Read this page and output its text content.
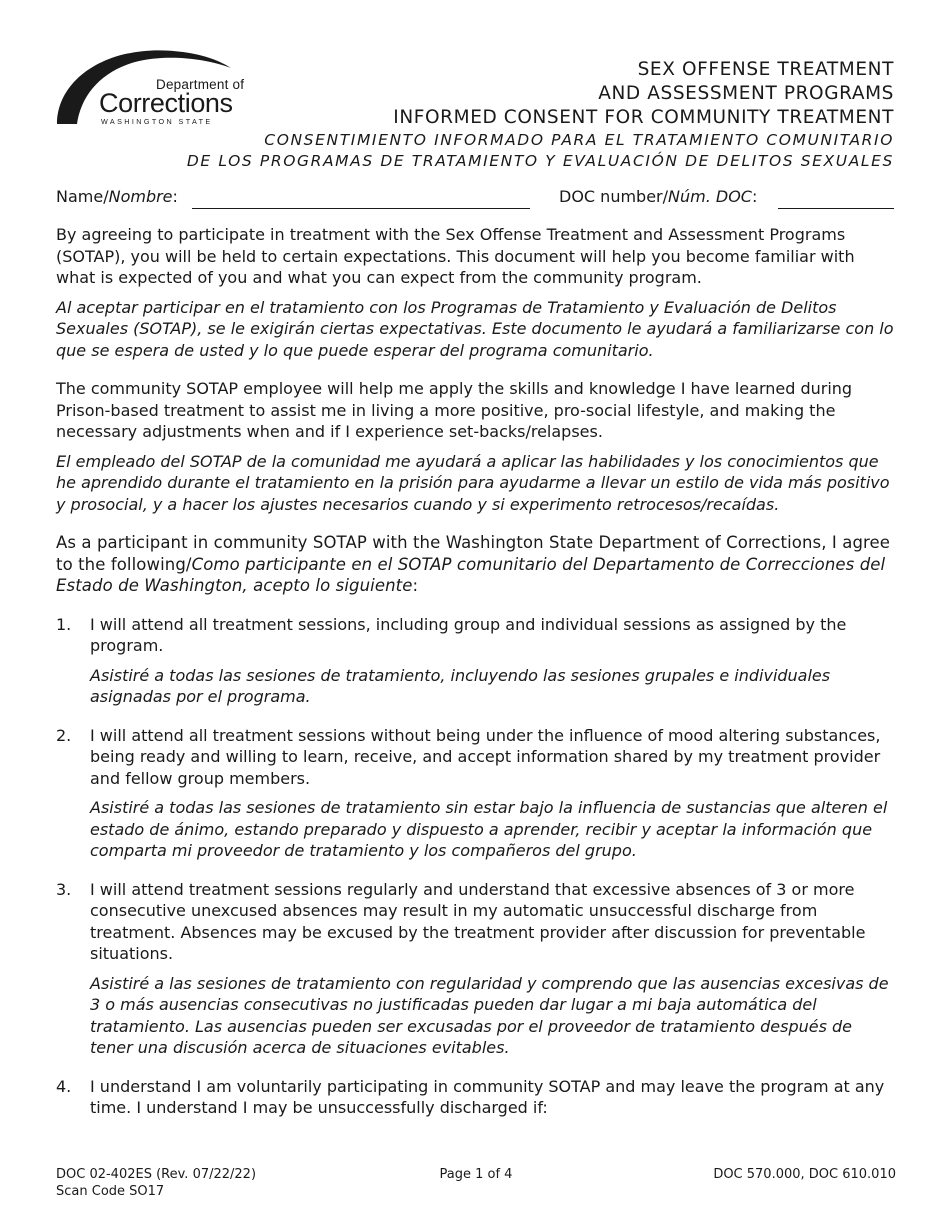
Department of
Corrections
WASHINGTON STATE
SEX OFFENSE TREATMENT
AND ASSESSMENT PROGRAMS
INFORMED CONSENT FOR COMMUNITY TREATMENT
CONSENTIMIENTO INFORMADO PARA EL TRATAMIENTO COMUNITARIO
DE LOS PROGRAMAS DE TRATAMIENTO Y EVALUACIÓN DE DELITOS SEXUALES
Name/Nombre:	DOC number/Núm. DOC:

By agreeing to participate in treatment with the Sex Offense Treatment and Assessment Programs (SOTAP), you will be held to certain expectations. This document will help you become familiar with what is expected of you and what you can expect from the community program.

Al aceptar participar en el tratamiento con los Programas de Tratamiento y Evaluación de Delitos Sexuales (SOTAP), se le exigirán ciertas expectativas. Este documento le ayudará a familiarizarse con lo que se espera de usted y lo que puede esperar del programa comunitario.

The community SOTAP employee will help me apply the skills and knowledge I have learned during Prison-based treatment to assist me in living a more positive, pro-social lifestyle, and making the necessary adjustments when and if I experience set-backs/relapses.

El empleado del SOTAP de la comunidad me ayudará a aplicar las habilidades y los conocimientos que he aprendido durante el tratamiento en la prisión para ayudarme a llevar un estilo de vida más positivo y prosocial, y a hacer los ajustes necesarios cuando y si experimento retrocesos/recaídas.

As a participant in community SOTAP with the Washington State Department of Corrections, I agree to the following/Como participante en el SOTAP comunitario del Departamento de Correcciones del Estado de Washington, acepto lo siguiente:

1. I will attend all treatment sessions, including group and individual sessions as assigned by the program.

Asistiré a todas las sesiones de tratamiento, incluyendo las sesiones grupales e individuales asignadas por el programa.

2. I will attend all treatment sessions without being under the influence of mood altering substances, being ready and willing to learn, receive, and accept information shared by my treatment provider and fellow group members.

Asistiré a todas las sesiones de tratamiento sin estar bajo la influencia de sustancias que alteren el estado de ánimo, estando preparado y dispuesto a aprender, recibir y aceptar la información que comparta mi proveedor de tratamiento y los compañeros del grupo.

3. I will attend treatment sessions regularly and understand that excessive absences of 3 or more consecutive unexcused absences may result in my automatic unsuccessful discharge from treatment. Absences may be excused by the treatment provider after discussion for preventable situations.

Asistiré a las sesiones de tratamiento con regularidad y comprendo que las ausencias excesivas de 3 o más ausencias consecutivas no justificadas pueden dar lugar a mi baja automática del tratamiento. Las ausencias pueden ser excusadas por el proveedor de tratamiento después de tener una discusión acerca de situaciones evitables.

4. I understand I am voluntarily participating in community SOTAP and may leave the program at any time. I understand I may be unsuccessfully discharged if:

Page 1 of 4
DOC 02-402ES (Rev. 07/22/22)
Scan Code SO17
DOC 570.000, DOC 610.010
